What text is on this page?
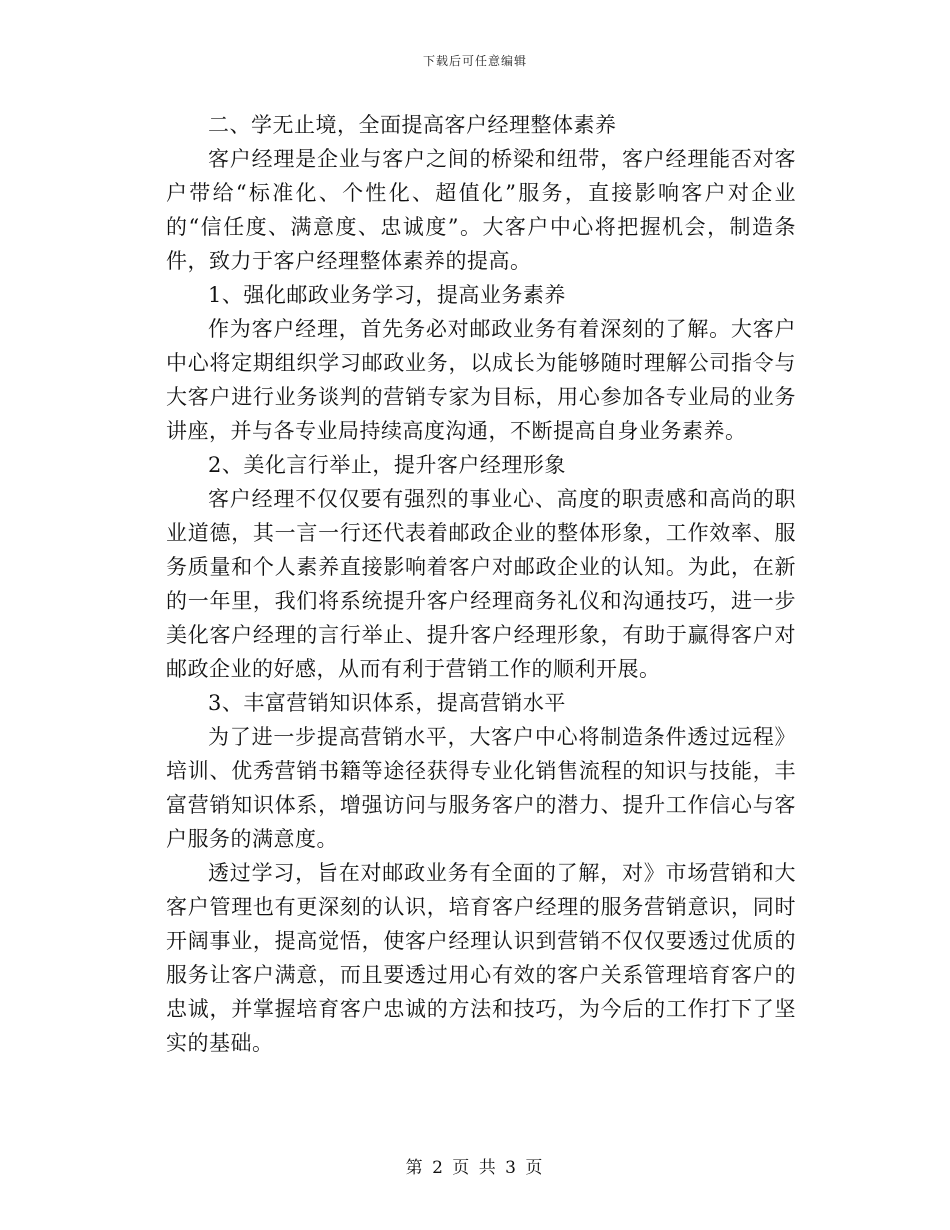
下载后可任意编辑

二、学无止境，全面提高客户经理整体素养

客户经理是企业与客户之间的桥梁和纽带，客户经理能否对客户带给“标准化、个性化、超值化”服务，直接影响客户对企业的“信任度、满意度、忠诚度”。大客户中心将把握机会，制造条件，致力于客户经理整体素养的提高。

1、强化邮政业务学习，提高业务素养

作为客户经理，首先务必对邮政业务有着深刻的了解。大客户中心将定期组织学习邮政业务，以成长为能够随时理解公司指令与大客户进行业务谈判的营销专家为目标，用心参加各专业局的业务讲座，并与各专业局持续高度沟通，不断提高自身业务素养。

2、美化言行举止，提升客户经理形象

客户经理不仅仅要有强烈的事业心、高度的职责感和高尚的职业道德，其一言一行还代表着邮政企业的整体形象，工作效率、服务质量和个人素养直接影响着客户对邮政企业的认知。为此，在新的一年里，我们将系统提升客户经理商务礼仪和沟通技巧，进一步美化客户经理的言行举止、提升客户经理形象，有助于赢得客户对邮政企业的好感，从而有利于营销工作的顺利开展。

3、丰富营销知识体系，提高营销水平

为了进一步提高营销水平，大客户中心将制造条件透过远程》培训、优秀营销书籍等途径获得专业化销售流程的知识与技能，丰富营销知识体系，增强访问与服务客户的潜力、提升工作信心与客户服务的满意度。

透过学习，旨在对邮政业务有全面的了解，对》市场营销和大客户管理也有更深刻的认识，培育客户经理的服务营销意识，同时开阔事业，提高觉悟，使客户经理认识到营销不仅仅要透过优质的服务让客户满意，而且要透过用心有效的客户关系管理培育客户的忠诚，并掌握培育客户忠诚的方法和技巧，为今后的工作打下了坚实的基础。

第 2 页 共 3 页
